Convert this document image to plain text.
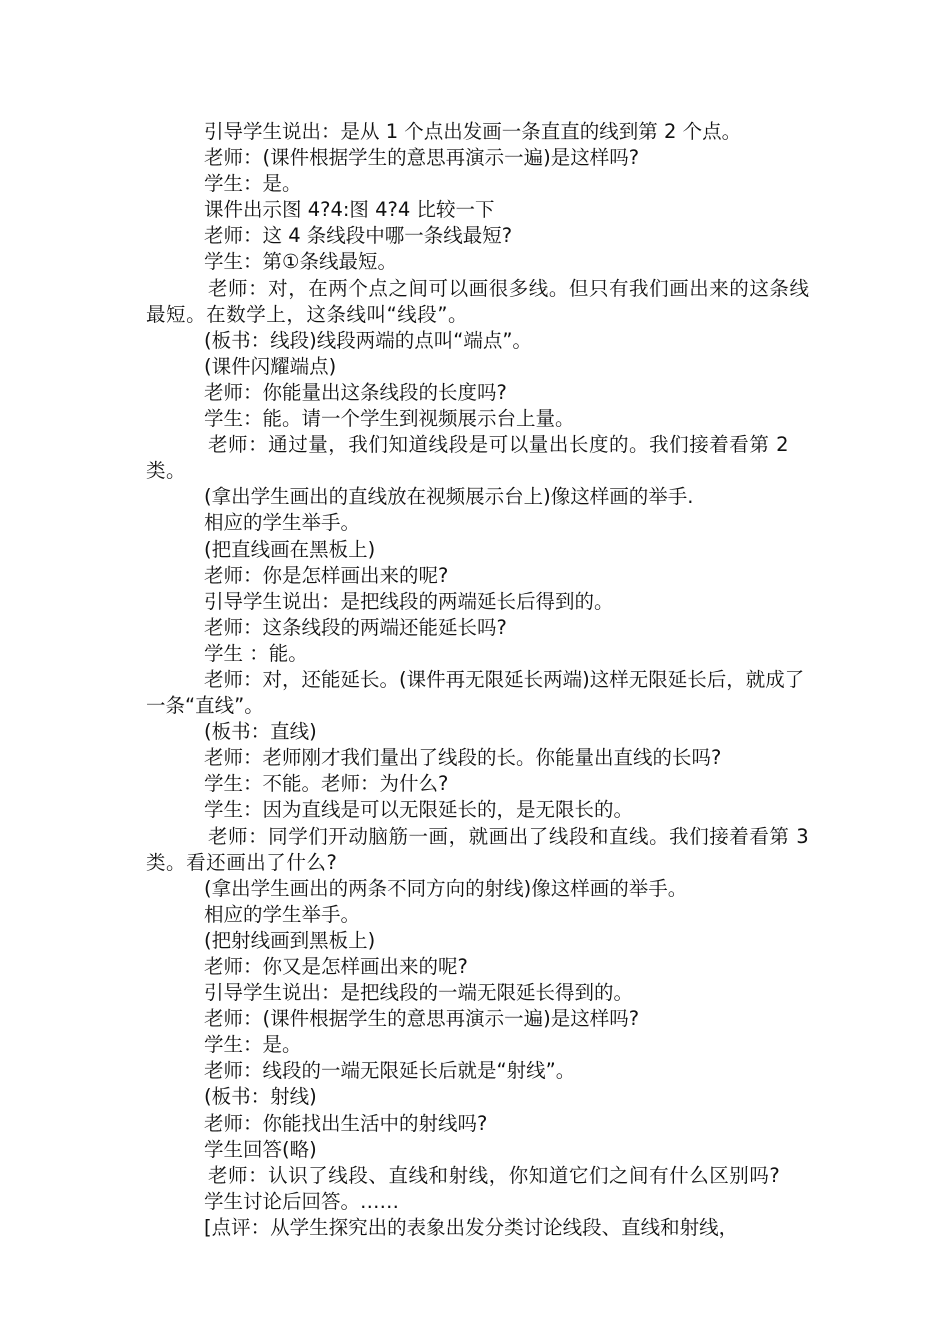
引导学生说出：是从 1 个点出发画一条直直的线到第 2 个点。

老师：(课件根据学生的意思再演示一遍)是这样吗?

学生：是。

课件出示图 4?4:图 4?4 比较一下

老师：这 4 条线段中哪一条线最短?

学生：第①条线最短。

老师：对，在两个点之间可以画很多线。但只有我们画出来的这条线最短。在数学上，这条线叫“线段”。

(板书：线段)线段两端的点叫“端点”。

(课件闪耀端点)

老师：你能量出这条线段的长度吗?

学生：能。请一个学生到视频展示台上量。

老师：通过量，我们知道线段是可以量出长度的。我们接着看第 2 类。

(拿出学生画出的直线放在视频展示台上)像这样画的举手.

相应的学生举手。

(把直线画在黑板上)

老师：你是怎样画出来的呢?

引导学生说出：是把线段的两端延长后得到的。

老师：这条线段的两端还能延长吗?

学生 ：能。

老师：对，还能延长。(课件再无限延长两端)这样无限延长后，就成了一条“直线”。

(板书：直线)

老师：老师刚才我们量出了线段的长。你能量出直线的长吗?

学生：不能。老师：为什么?

学生：因为直线是可以无限延长的，是无限长的。

老师：同学们开动脑筋一画，就画出了线段和直线。我们接着看第 3 类。看还画出了什么?

(拿出学生画出的两条不同方向的射线)像这样画的举手。

相应的学生举手。

(把射线画到黑板上)

老师：你又是怎样画出来的呢?

引导学生说出：是把线段的一端无限延长得到的。

老师：(课件根据学生的意思再演示一遍)是这样吗?

学生：是。

老师：线段的一端无限延长后就是“射线”。

(板书：射线)

老师：你能找出生活中的射线吗?

学生回答(略)

老师：认识了线段、直线和射线，你知道它们之间有什么区别吗?

学生讨论后回答。……

[点评：从学生探究出的表象出发分类讨论线段、直线和射线，
